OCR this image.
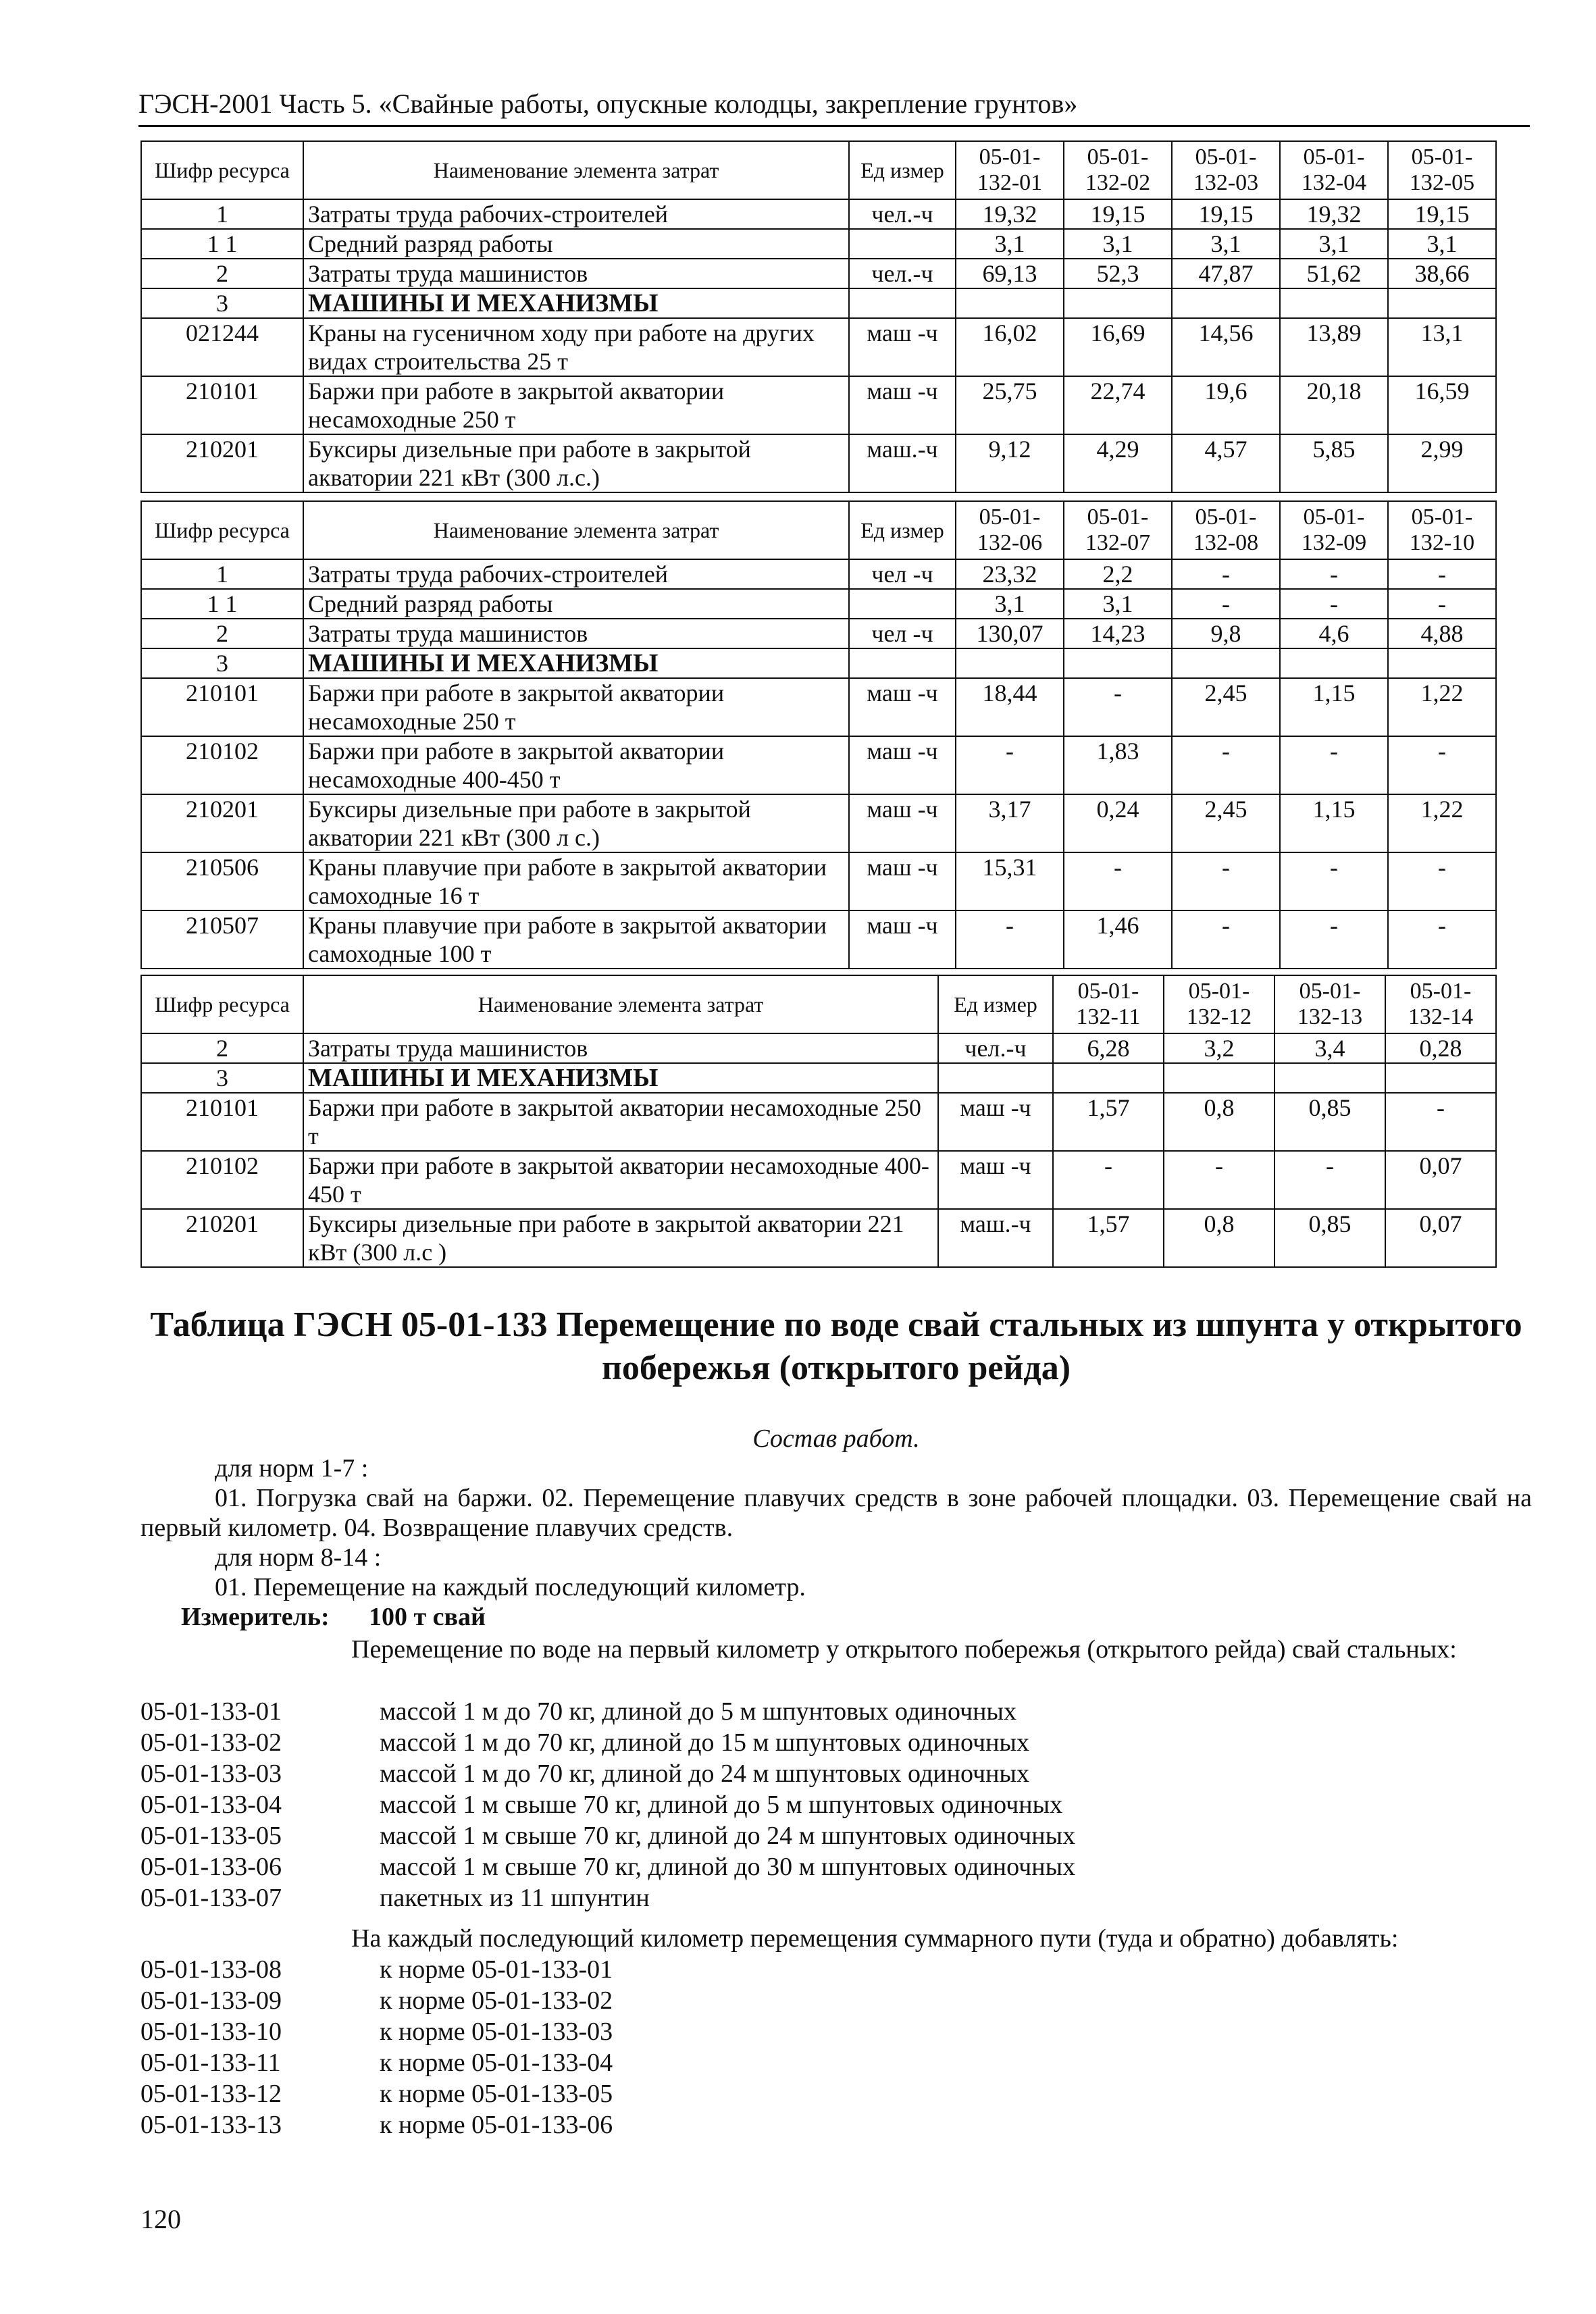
ГЭСН-2001 Часть 5. «Свайные работы, опускные колодцы, закрепление грунтов»
Шифр ресурса	Наименование элемента затрат	Ед измер	05-01-132-01	05-01-132-02	05-01-132-03	05-01-132-04	05-01-132-05
1	Затраты труда рабочих-строителей	чел.-ч	19,32	19,15	19,15	19,32	19,15
1 1	Средний разряд работы		3,1	3,1	3,1	3,1	3,1
2	Затраты труда машинистов	чел.-ч	69,13	52,3	47,87	51,62	38,66
3	МАШИНЫ И МЕХАНИЗМЫ						
021244	Краны на гусеничном ходу при работе на других видах строительства 25 т	маш -ч	16,02	16,69	14,56	13,89	13,1
210101	Баржи при работе в закрытой акватории несамоходные 250 т	маш -ч	25,75	22,74	19,6	20,18	16,59
210201	Буксиры дизельные при работе в закрытой акватории 221 кВт (300 л.с.)	маш.-ч	9,12	4,29	4,57	5,85	2,99
Шифр ресурса	Наименование элемента затрат	Ед измер	05-01-132-06	05-01-132-07	05-01-132-08	05-01-132-09	05-01-132-10
1	Затраты труда рабочих-строителей	чел -ч	23,32	2,2	-	-	-
1 1	Средний разряд работы		3,1	3,1	-	-	-
2	Затраты труда машинистов	чел -ч	130,07	14,23	9,8	4,6	4,88
3	МАШИНЫ И МЕХАНИЗМЫ						
210101	Баржи при работе в закрытой акватории несамоходные 250 т	маш -ч	18,44	-	2,45	1,15	1,22
210102	Баржи при работе в закрытой акватории несамоходные 400-450 т	маш -ч	-	1,83	-	-	-
210201	Буксиры дизельные при работе в закрытой акватории 221 кВт (300 л с.)	маш -ч	3,17	0,24	2,45	1,15	1,22
210506	Краны плавучие при работе в закрытой акватории самоходные 16 т	маш -ч	15,31	-	-	-	-
210507	Краны плавучие при работе в закрытой акватории самоходные 100 т	маш -ч	-	1,46	-	-	-
Шифр ресурса	Наименование элемента затрат	Ед измер	05-01-132-11	05-01-132-12	05-01-132-13	05-01-132-14
2	Затраты труда машинистов	чел.-ч	6,28	3,2	3,4	0,28
3	МАШИНЫ И МЕХАНИЗМЫ					
210101	Баржи при работе в закрытой акватории несамоходные 250 т	маш -ч	1,57	0,8	0,85	-
210102	Баржи при работе в закрытой акватории несамоходные 400-450 т	маш -ч	-	-	-	0,07
210201	Буксиры дизельные при работе в закрытой акватории 221 кВт (300 л.с )	маш.-ч	1,57	0,8	0,85	0,07
Таблица ГЭСН 05-01-133 Перемещение по воде свай стальных из шпунта у открытого побережья (открытого рейда)
Состав работ.
для норм 1-7 :
01. Погрузка свай на баржи. 02. Перемещение плавучих средств в зоне рабочей площадки. 03. Перемещение свай на первый километр. 04. Возвращение плавучих средств.
для норм 8-14 :
01. Перемещение на каждый последующий километр.
Измеритель: 100 т свай
Перемещение по воде на первый километр у открытого побережья (открытого рейда) свай стальных:
05-01-133-01	массой 1 м до 70 кг, длиной до 5 м шпунтовых одиночных
05-01-133-02	массой 1 м до 70 кг, длиной до 15 м шпунтовых одиночных
05-01-133-03	массой 1 м до 70 кг, длиной до 24 м шпунтовых одиночных
05-01-133-04	массой 1 м свыше 70 кг, длиной до 5 м шпунтовых одиночных
05-01-133-05	массой 1 м свыше 70 кг, длиной до 24 м шпунтовых одиночных
05-01-133-06	массой 1 м свыше 70 кг, длиной до 30 м шпунтовых одиночных
05-01-133-07	пакетных из 11 шпунтин
На каждый последующий километр перемещения суммарного пути (туда и обратно) добавлять:
05-01-133-08	к норме 05-01-133-01
05-01-133-09	к норме 05-01-133-02
05-01-133-10	к норме 05-01-133-03
05-01-133-11	к норме 05-01-133-04
05-01-133-12	к норме 05-01-133-05
05-01-133-13	к норме 05-01-133-06
120
